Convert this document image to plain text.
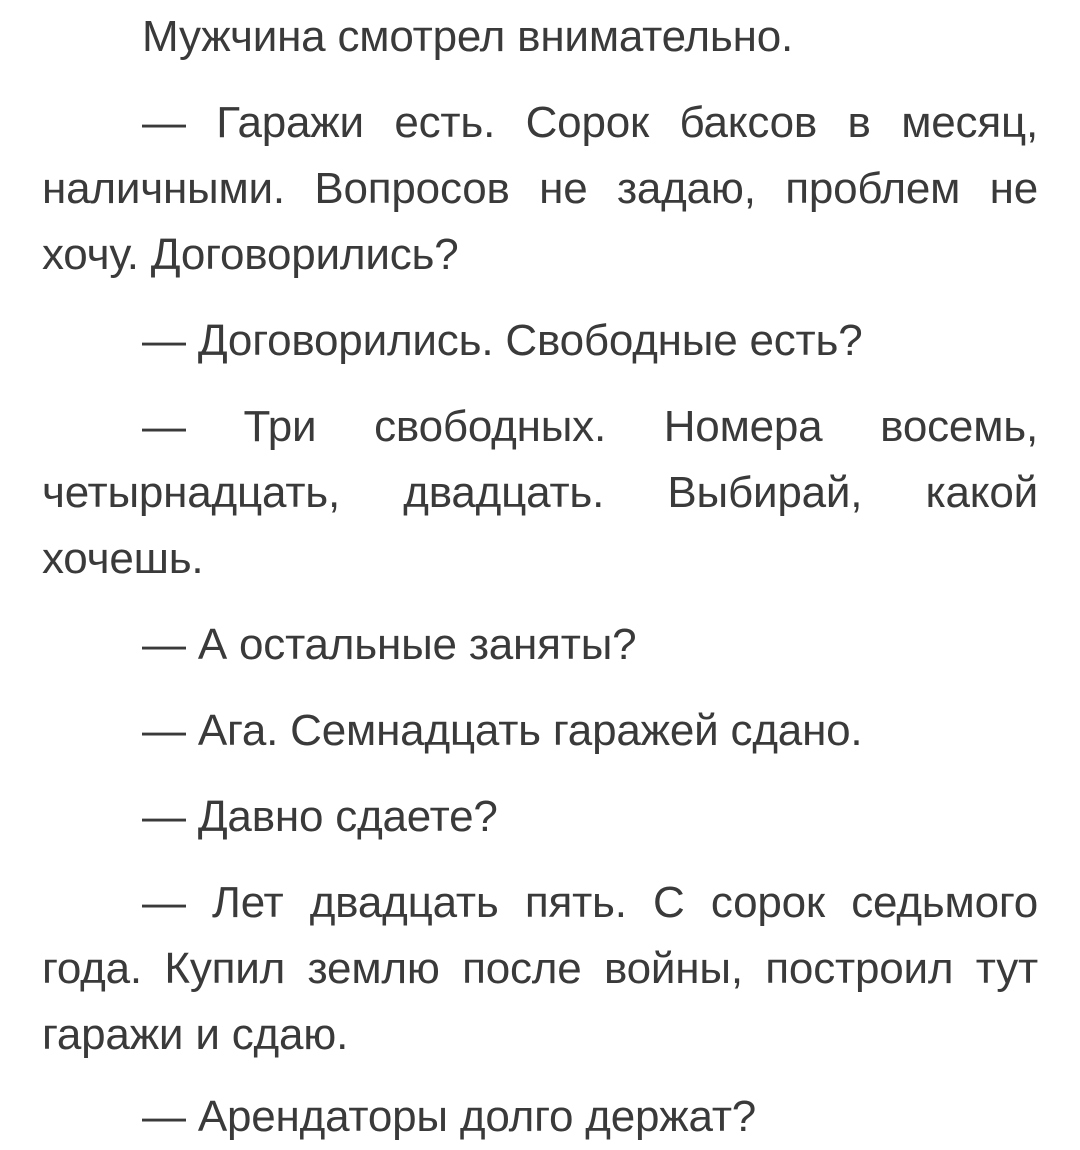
Мужчина смотрел внимательно.

— Гаражи есть. Сорок баксов в месяц, наличными. Вопросов не задаю, проблем не хочу. Договорились?

— Договорились. Свободные есть?

— Три свободных. Номера восемь, четырнадцать, двадцать. Выбирай, какой хочешь.

— А остальные заняты?

— Ага. Семнадцать гаражей сдано.

— Давно сдаете?

— Лет двадцать пять. С сорок седьмого года. Купил землю после войны, построил тут гаражи и сдаю.

— Арендаторы долго держат?
